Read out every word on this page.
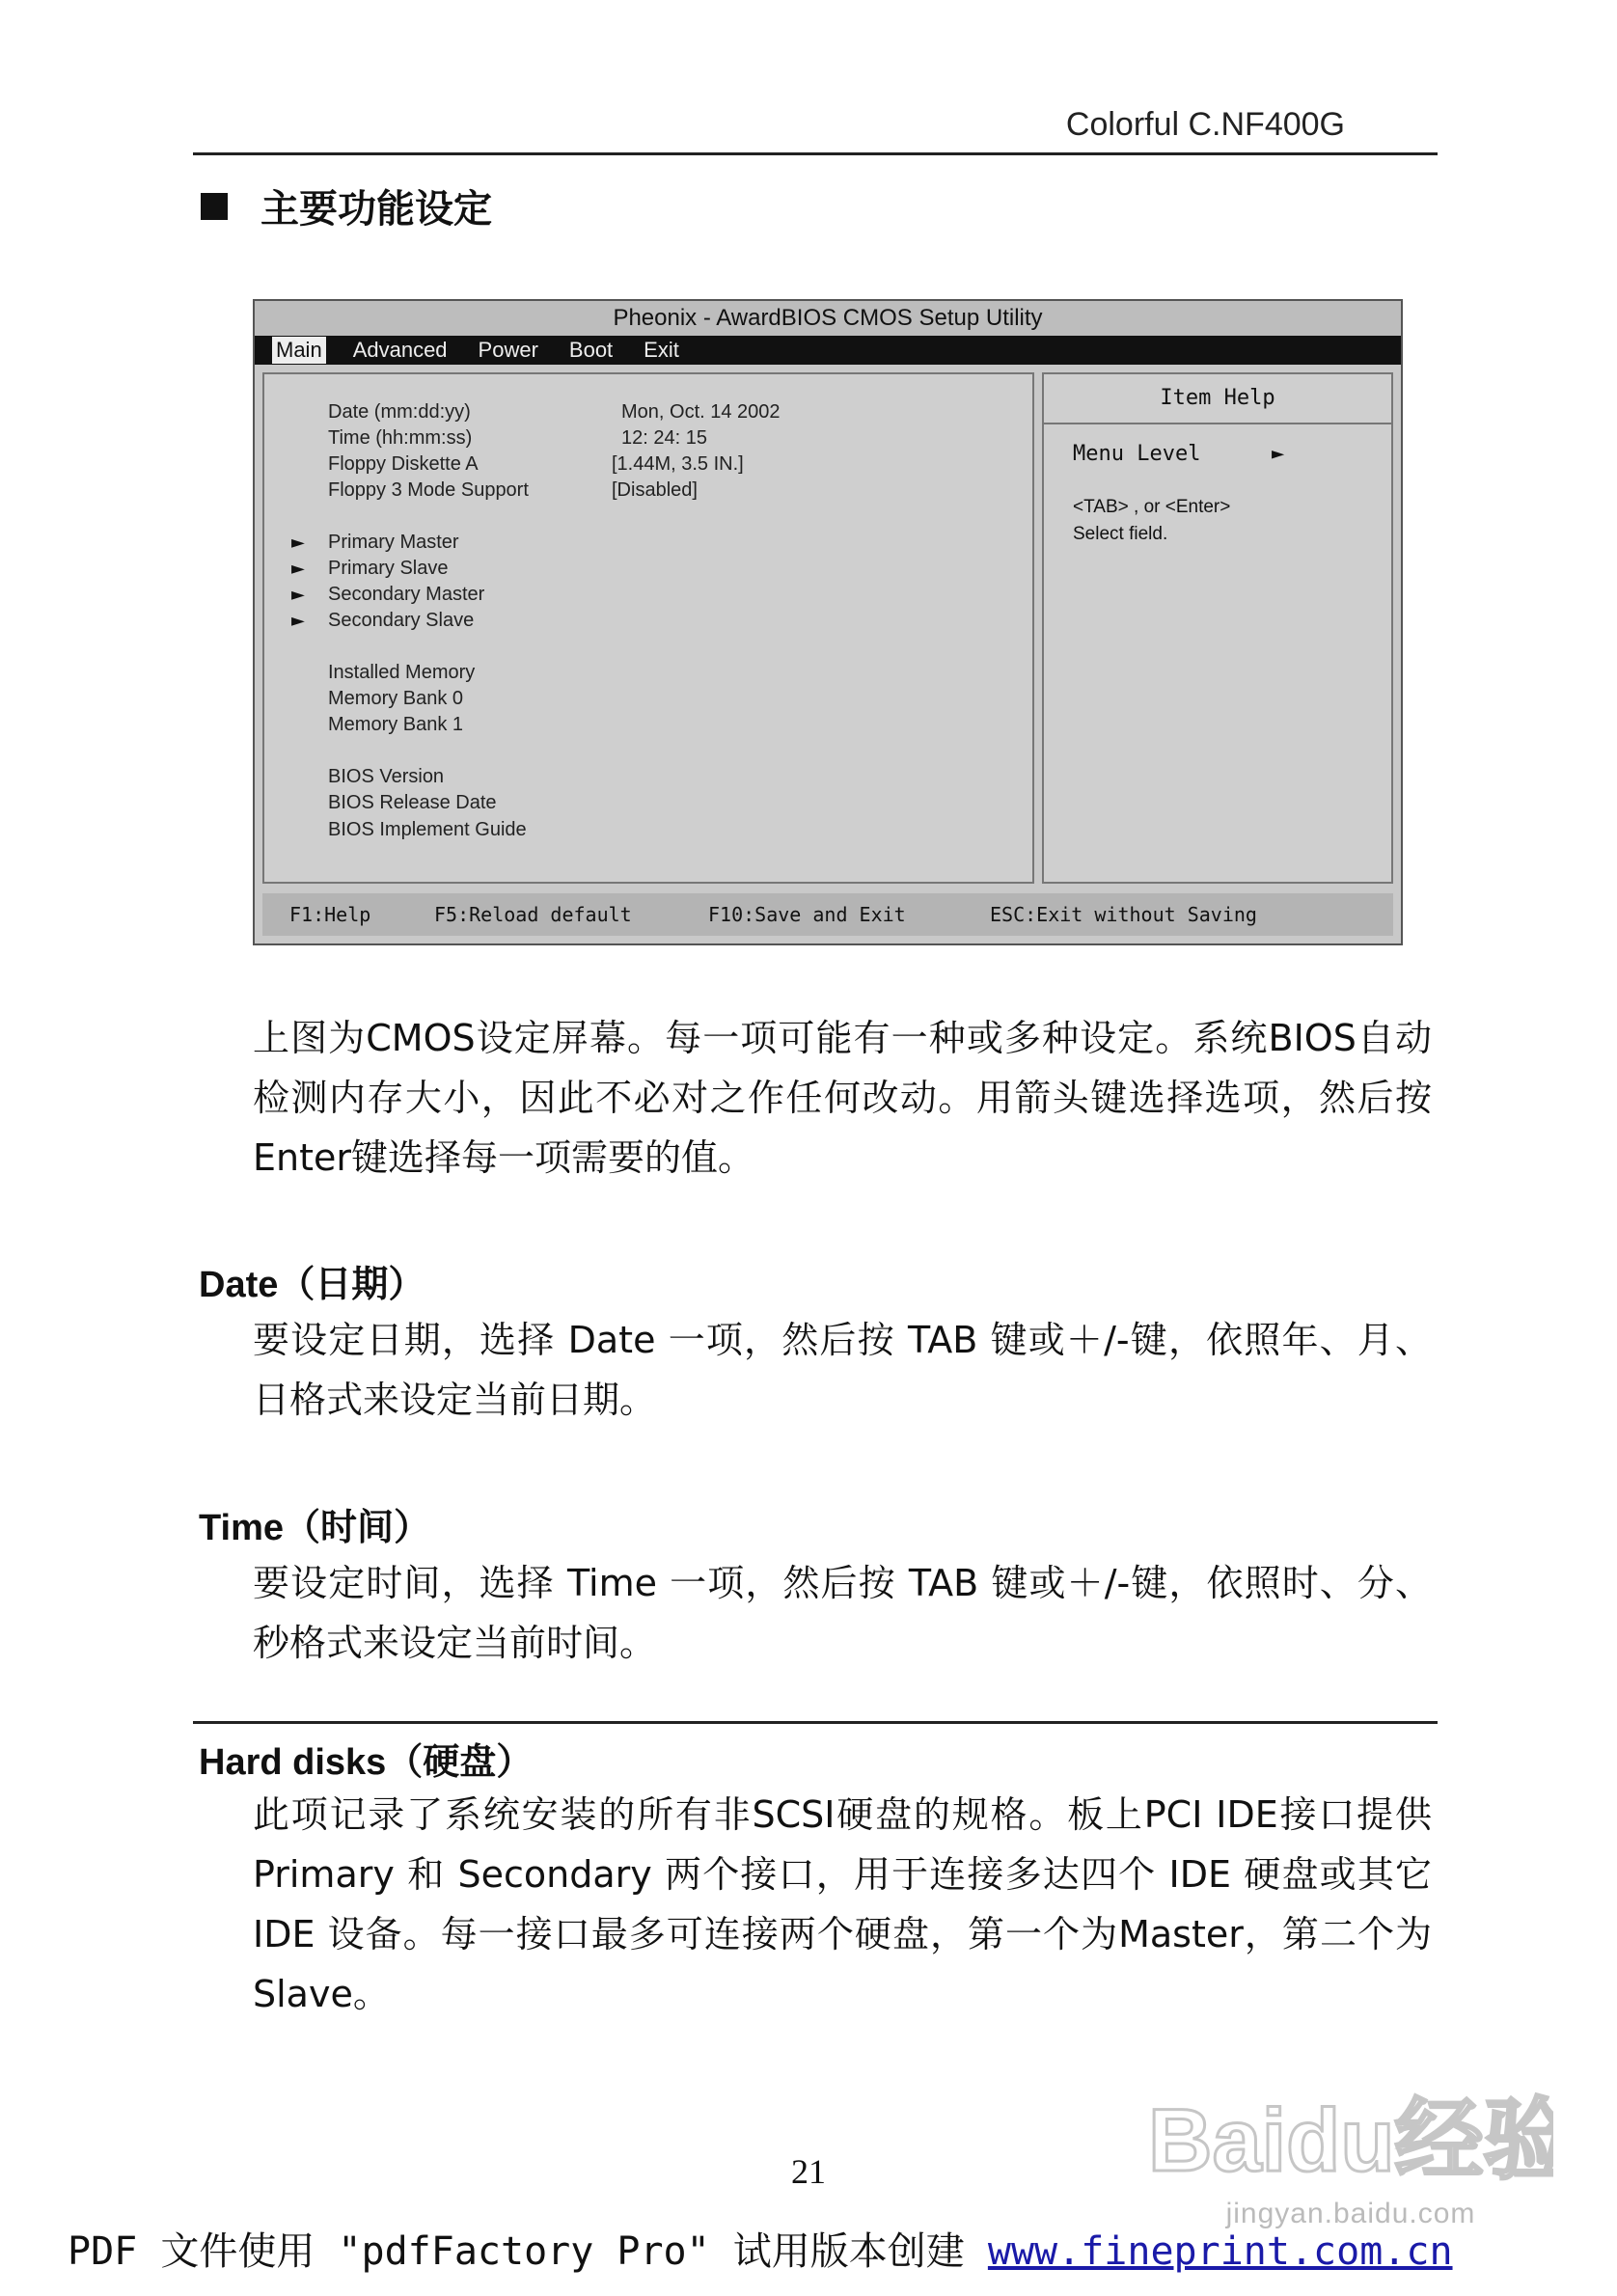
Colorful C.NF400G
主要功能设定
Pheonix - AwardBIOS CMOS Setup Utility
Main Advanced Power Boot Exit
Date (mm:dd:yy)	Mon, Oct. 14 2002
Time (hh:mm:ss)	12: 24: 15
Floppy Diskette A	[1.44M, 3.5 IN.]
Floppy 3 Mode Support	[Disabled]
► Primary Master
► Primary Slave
► Secondary Master
► Secondary Slave
Installed Memory
Memory Bank 0
Memory Bank 1
BIOS Version
BIOS Release Date
BIOS Implement Guide
Item Help
Menu Level	►
<TAB> , or <Enter>
Select field.
F1:Help	F5:Reload default	F10:Save and Exit	ESC:Exit without Saving
上图为CMOS设定屏幕。每一项可能有一种或多种设定。系统BIOS自动检测内存大小，因此不必对之作任何改动。用箭头键选择选项，然后按 Enter键选择每一项需要的值。
Date（日期）
要设定日期，选择 Date 一项，然后按 TAB 键或＋/-键，依照年、月、日格式来设定当前日期。
Time（时间）
要设定时间，选择 Time 一项，然后按 TAB 键或＋/-键，依照时、分、秒格式来设定当前时间。
Hard disks（硬盘）
此项记录了系统安装的所有非SCSI硬盘的规格。板上PCI IDE接口提供 Primary 和 Secondary 两个接口，用于连接多达四个 IDE 硬盘或其它 IDE 设备。每一接口最多可连接两个硬盘，第一个为Master，第二个为Slave。
21	Baidu经验
jingyan.baidu.com
PDF 文件使用 "pdfFactory Pro" 试用版本创建 www.fineprint.com.cn
